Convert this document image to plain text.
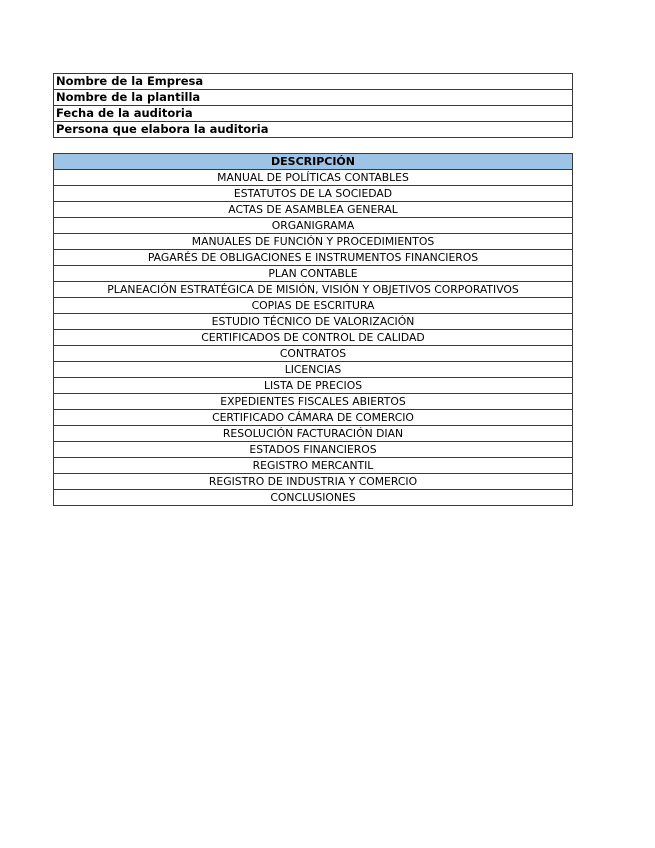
Nombre de la Empresa
Nombre de la plantilla
Fecha de la auditoria
Persona que elabora la auditoria
DESCRIPCIÓN
MANUAL DE POLÍTICAS CONTABLES
ESTATUTOS DE LA SOCIEDAD
ACTAS DE ASAMBLEA GENERAL
ORGANIGRAMA
MANUALES DE FUNCIÓN Y PROCEDIMIENTOS
PAGARÉS DE OBLIGACIONES E INSTRUMENTOS FINANCIEROS
PLAN CONTABLE
PLANEACIÓN ESTRATÉGICA DE MISIÓN, VISIÓN Y OBJETIVOS CORPORATIVOS
COPIAS DE ESCRITURA
ESTUDIO TÉCNICO DE VALORIZACIÓN
CERTIFICADOS DE CONTROL DE CALIDAD
CONTRATOS
LICENCIAS
LISTA DE PRECIOS
EXPEDIENTES FISCALES ABIERTOS
CERTIFICADO CÁMARA DE COMERCIO
RESOLUCIÓN FACTURACIÓN DIAN
ESTADOS FINANCIEROS
REGISTRO MERCANTIL
REGISTRO DE INDUSTRIA Y COMERCIO
CONCLUSIONES
